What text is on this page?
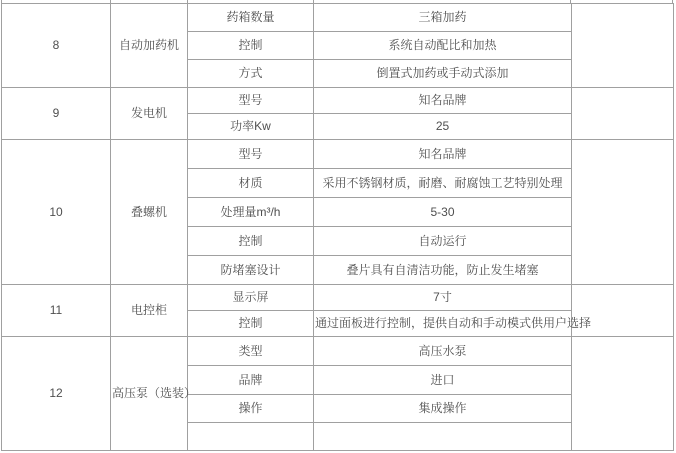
8	自动加药机	药箱数量	三箱加药	
		控制	系统自动配比和加热	
		方式	倒置式加药或手动式添加	
9	发电机	型号	知名品牌	
		功率Kw	25	
10	叠螺机	型号	知名品牌	
		材质	采用不锈钢材质，耐磨、耐腐蚀工艺特别处理	
		处理量m³/h	5-30	
		控制	自动运行	
		防堵塞设计	叠片具有自清洁功能，防止发生堵塞	
11	电控柜	显示屏	7寸	
		控制	通过面板进行控制，提供自动和手动模式供用户选择	
12	高压泵（选装）	类型	高压水泵	
		品牌	进口	
		操作	集成操作	
